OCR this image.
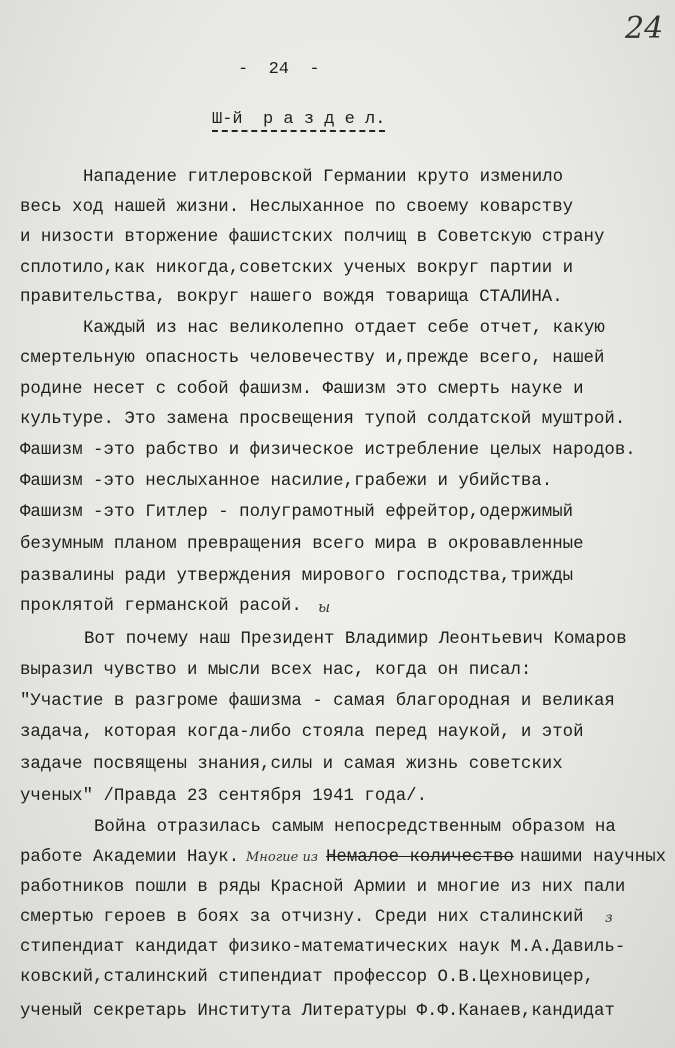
24
-  24  -
Ш-й  р а з д е л.
Нападение гитлеровской Германии круто изменило
весь ход нашей жизни. Неслыханное по своему коварству
и низости вторжение фашистских полчищ в Советскую страну
сплотило,как никогда,советских ученых вокруг партии и
правительства, вокруг нашего вождя товарища СТАЛИНА.
Каждый из нас великолепно отдает себе отчет, какую
смертельную опасность человечеству и,прежде всего, нашей
родине несет с собой фашизм. Фашизм это смерть науке и
культуре. Это замена просвещения тупой солдатской муштрой.
Фашизм -это рабство и физическое истребление целых народов.
Фашизм -это неслыханное насилие,грабежи и убийства.
Фашизм -это Гитлер - полуграмотный ефрейтор,одержимый
безумным планом превращения всего мира в окровавленные
развалины ради утверждения мирового господства,трижды
проклятой германской расой. ы
Вот почему наш Президент Владимир Леонтьевич Комаров
выразил чувство и мысли всех нас, когда он писал:
"Участие в разгроме фашизма - самая благородная и великая
задача, которая когда-либо стояла перед наукой, и этой
задаче посвящены знания,силы и самая жизнь советских
ученых" /Правда 23 сентября 1941 года/.
Война отразилась самым непосредственным образом на
работе Академии Наук. Многие из Немалое количество нашими научных
работников пошли в ряды Красной Армии и многие из них пали
смертью героев в боях за отчизну. Среди них сталинский з
стипендиат кандидат физико-математических наук М.А.Давиль-
ковский,сталинский стипендиат профессор О.В.Цехновицер,
ученый секретарь Института Литературы Ф.Ф.Канаев,кандидат
